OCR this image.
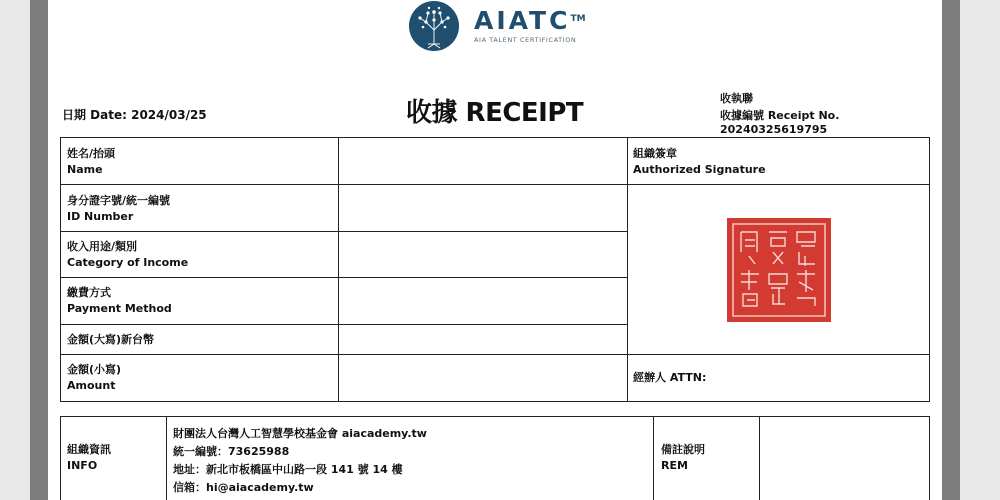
AIATC™
AIA TALENT CERTIFICATION
日期 Date: 2024/03/25	收據 RECEIPT	收執聯
收據編號 Receipt No. 20240325619795
姓名/抬頭
Name
身分證字號/統一編號
ID Number
收入用途/類別
Category of Income
繳費方式
Payment Method
金額(大寫)新台幣
金額(小寫)
Amount
組織簽章
Authorized Signature
經辦人 ATTN:
組織資訊
INFO
財團法人台灣人工智慧學校基金會 aiacademy.tw
統一編號：73625988
地址：新北市板橋區中山路一段 141 號 14 樓
信箱：hi@aiacademy.tw
備註說明
REM
